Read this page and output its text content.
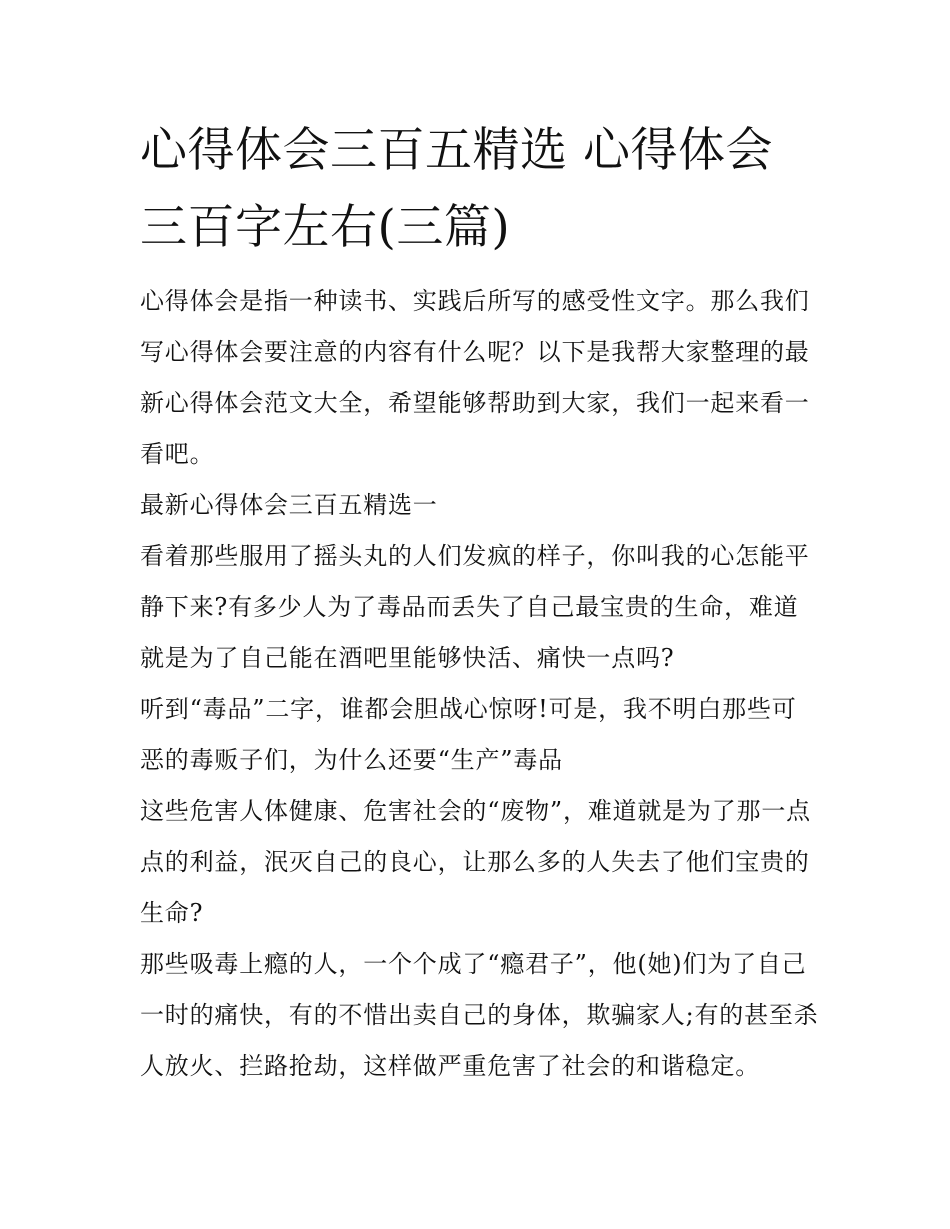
心得体会三百五精选 心得体会三百字左右(三篇)

心得体会是指一种读书、实践后所写的感受性文字。那么我们写心得体会要注意的内容有什么呢？以下是我帮大家整理的最新心得体会范文大全，希望能够帮助到大家，我们一起来看一看吧。

最新心得体会三百五精选一

看着那些服用了摇头丸的人们发疯的样子，你叫我的心怎能平静下来?有多少人为了毒品而丢失了自己最宝贵的生命，难道就是为了自己能在酒吧里能够快活、痛快一点吗?

听到“毒品”二字，谁都会胆战心惊呀!可是，我不明白那些可恶的毒贩子们，为什么还要“生产”毒品

这些危害人体健康、危害社会的“废物”，难道就是为了那一点点的利益，泯灭自己的良心，让那么多的人失去了他们宝贵的生命?

那些吸毒上瘾的人，一个个成了“瘾君子”，他(她)们为了自己一时的痛快，有的不惜出卖自己的身体，欺骗家人;有的甚至杀人放火、拦路抢劫，这样做严重危害了社会的和谐稳定。
